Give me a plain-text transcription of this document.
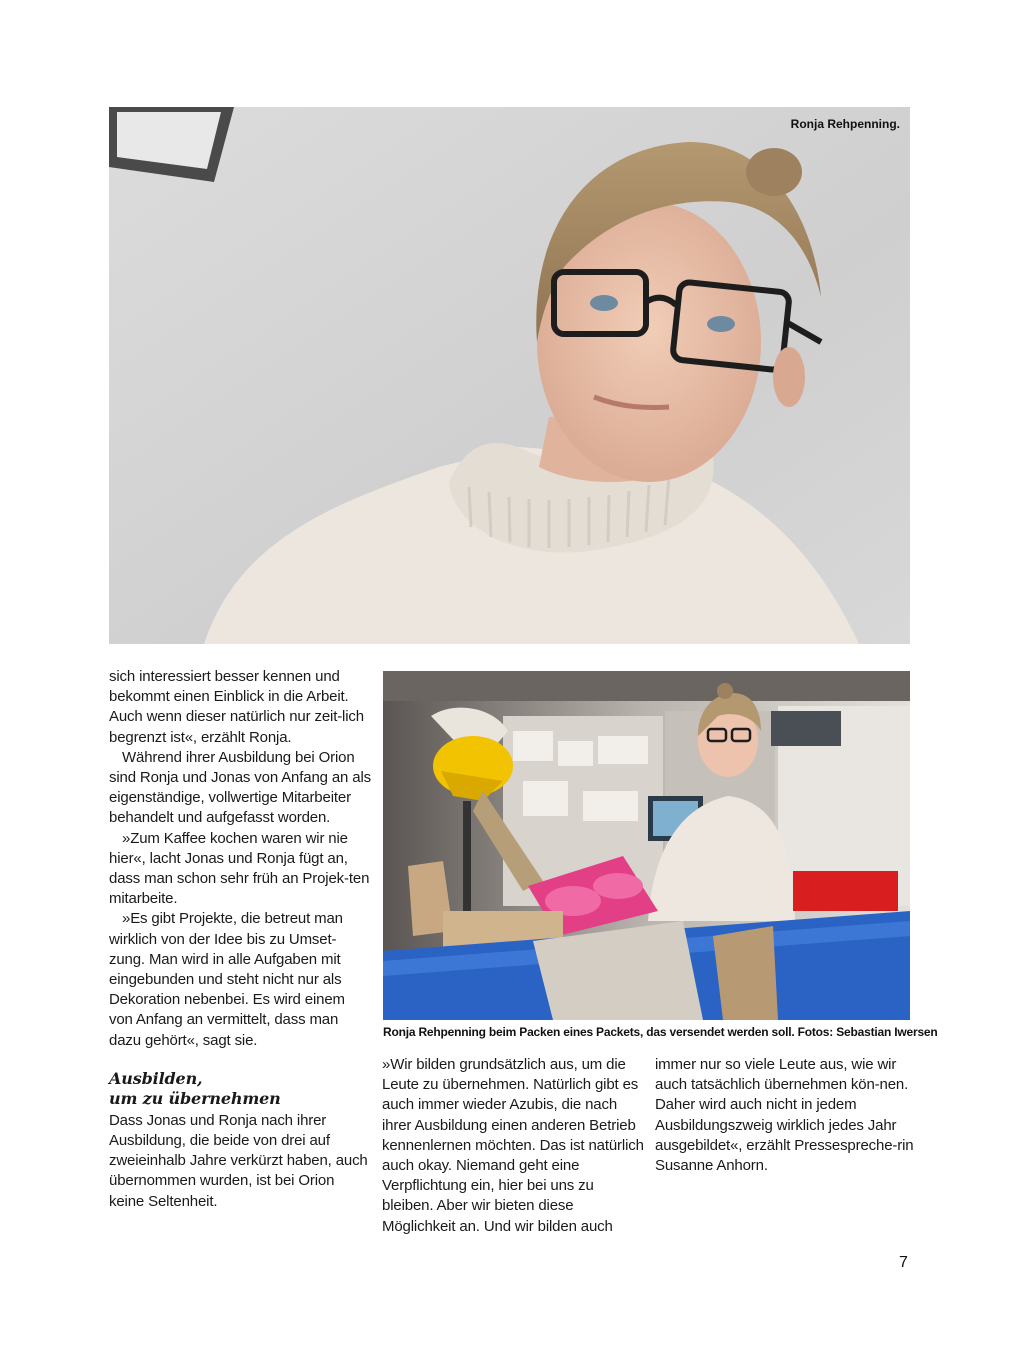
Ronja Rehpenning.
Ronja Rehpenning beim Packen eines Packets, das versendet werden soll. Fotos: Sebastian Iwersen

sich interessiert besser kennen und bekommt einen Einblick in die Arbeit. Auch wenn dieser natürlich nur zeit-lich begrenzt ist«, erzählt Ronja.

Während ihrer Ausbildung bei Orion sind Ronja und Jonas von Anfang an als eigenständige, vollwertige Mitarbeiter behandelt und aufgefasst worden.

»Zum Kaffee kochen waren wir nie hier«, lacht Jonas und Ronja fügt an, dass man schon sehr früh an Projek-ten mitarbeite.

»Es gibt Projekte, die betreut man wirklich von der Idee bis zu Umset-zung. Man wird in alle Aufgaben mit eingebunden und steht nicht nur als Dekoration nebenbei. Es wird einem von Anfang an vermittelt, dass man dazu gehört«, sagt sie.

Ausbilden,
um zu übernehmen

Dass Jonas und Ronja nach ihrer Ausbildung, die beide von drei auf zweieinhalb Jahre verkürzt haben, auch übernommen wurden, ist bei Orion keine Seltenheit.

»Wir bilden grundsätzlich aus, um die Leute zu übernehmen. Natürlich gibt es auch immer wieder Azubis, die nach ihrer Ausbildung einen anderen Betrieb kennenlernen möchten. Das ist natürlich auch okay. Niemand geht eine Verpflichtung ein, hier bei uns zu bleiben. Aber wir bieten diese Möglichkeit an. Und wir bilden auch

immer nur so viele Leute aus, wie wir auch tatsächlich übernehmen kön-nen. Daher wird auch nicht in jedem Ausbildungszweig wirklich jedes Jahr ausgebildet«, erzählt Pressespreche-rin Susanne Anhorn.

7
